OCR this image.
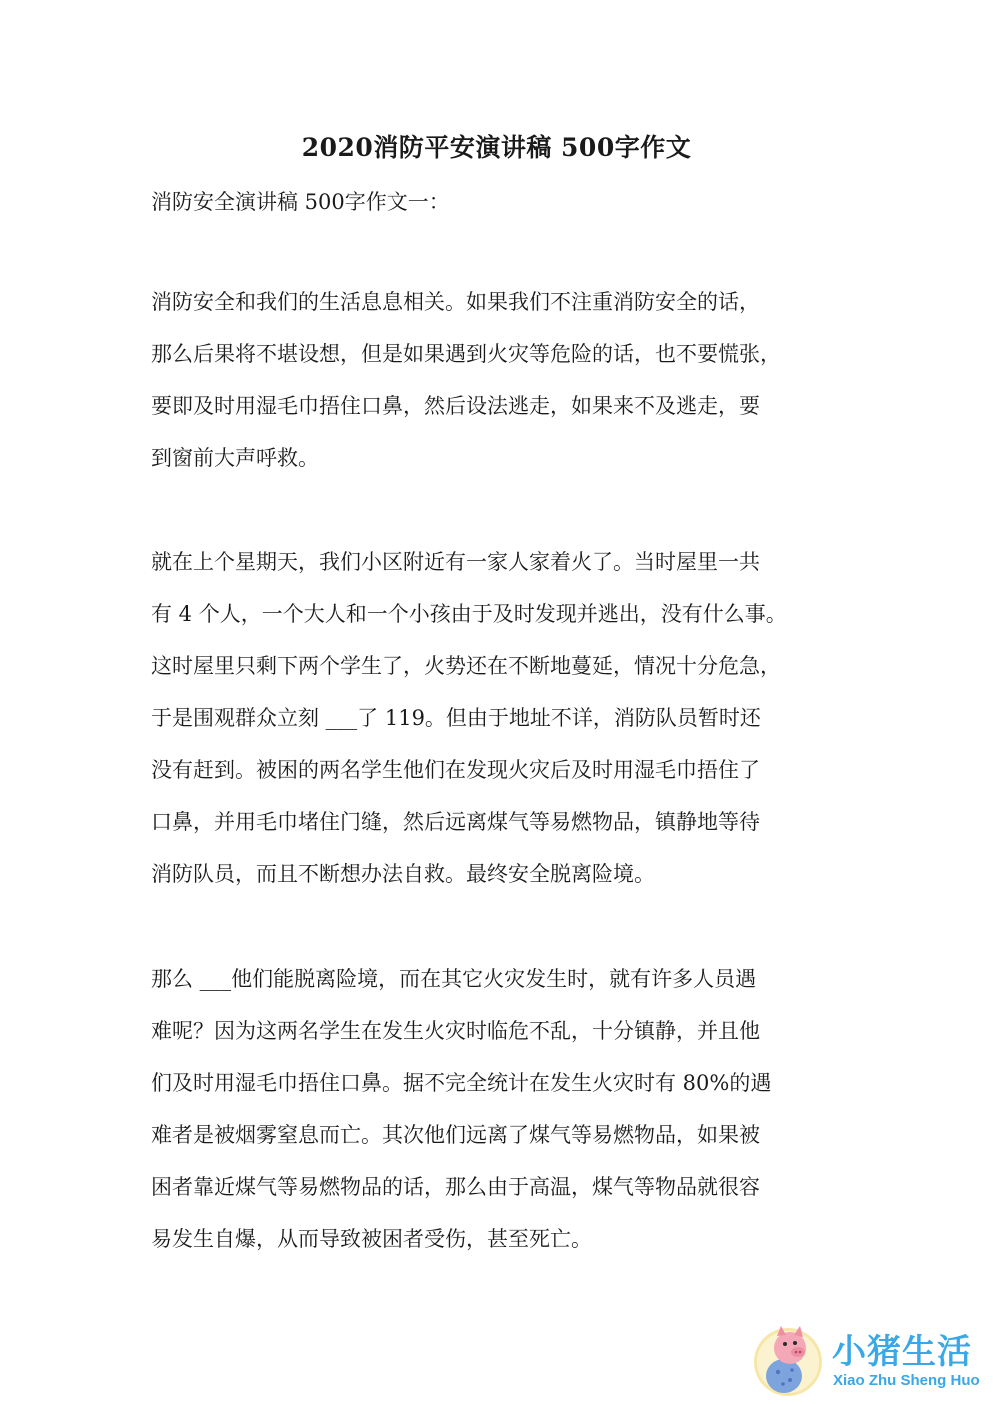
2020消防平安演讲稿 500字作文

消防安全演讲稿 500字作文一：

消防安全和我们的生活息息相关。如果我们不注重消防安全的话，

那么后果将不堪设想，但是如果遇到火灾等危险的话，也不要慌张，

要即及时用湿毛巾捂住口鼻，然后设法逃走，如果来不及逃走，要

到窗前大声呼救。

就在上个星期天，我们小区附近有一家人家着火了。当时屋里一共

有 4 个人，一个大人和一个小孩由于及时发现并逃出，没有什么事。

这时屋里只剩下两个学生了，火势还在不断地蔓延，情况十分危急，

于是围观群众立刻 ___了 119。但由于地址不详，消防队员暂时还

没有赶到。被困的两名学生他们在发现火灾后及时用湿毛巾捂住了

口鼻，并用毛巾堵住门缝，然后远离煤气等易燃物品，镇静地等待

消防队员，而且不断想办法自救。最终安全脱离险境。

那么 ___他们能脱离险境，而在其它火灾发生时，就有许多人员遇

难呢？因为这两名学生在发生火灾时临危不乱，十分镇静，并且他

们及时用湿毛巾捂住口鼻。据不完全统计在发生火灾时有 80%的遇

难者是被烟雾窒息而亡。其次他们远离了煤气等易燃物品，如果被

困者靠近煤气等易燃物品的话，那么由于高温，煤气等物品就很容

易发生自爆，从而导致被困者受伤，甚至死亡。

小猪生活
Xiao Zhu Sheng Huo
